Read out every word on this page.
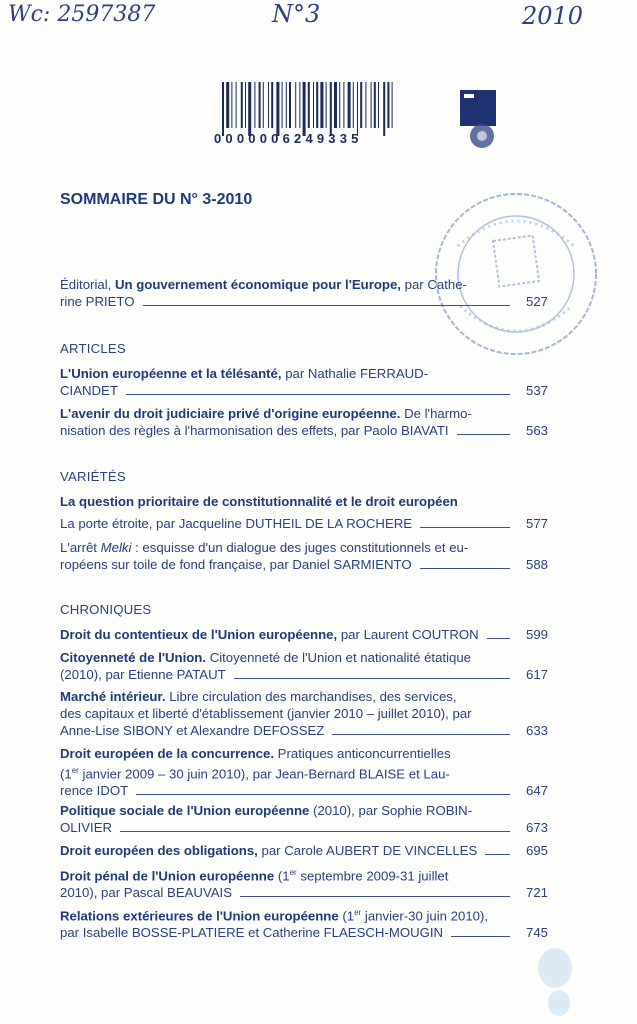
Wc: 2597387	N°3	2010
0000006249335
SOMMAIRE DU N° 3-2010
Éditorial, Un gouvernement économique pour l'Europe, par Cathe-
rine PRIETO	527
ARTICLES
L'Union européenne et la télésanté,
par Nathalie FERRAUD-
CIANDET	537
L'avenir du droit judiciaire privé d'origine européenne.
De l'harmo-
nisation des règles à l'harmonisation des effets, par Paolo BIAVATI	563
VARIÉTÉS
La question prioritaire de constitutionnalité et le droit européen
La porte étroite, par Jacqueline DUTHEIL DE LA ROCHERE	577
L'arrêt Melki : esquisse d'un dialogue des juges constitutionnels et eu-
ropéens sur toile de fond française, par Daniel SARMIENTO	588
CHRONIQUES
Droit du contentieux de l'Union européenne, par Laurent COUTRON	599
Citoyenneté de l'Union.
Citoyenneté de l'Union et nationalité étatique
(2010), par Etienne PATAUT	617
Marché intérieur.
Libre circulation des marchandises, des services,
des capitaux et liberté d'établissement (janvier 2010 – juillet 2010), par
Anne-Lise SIBONY et Alexandre DEFOSSEZ	633
Droit européen de la concurrence.
Pratiques anticoncurrentielles
(1er janvier 2009 – 30 juin 2010), par Jean-Bernard BLAISE et Lau-
rence IDOT	647
Politique sociale de l'Union européenne (2010), par Sophie ROBIN-
OLIVIER	673
Droit européen des obligations, par Carole AUBERT DE VINCELLES	695
Droit pénal de l'Union européenne (1er septembre 2009-31 juillet
2010), par Pascal BEAUVAIS	721
Relations extérieures de l'Union européenne (1er janvier-30 juin 2010),
par Isabelle BOSSE-PLATIERE et Catherine FLAESCH-MOUGIN	745
